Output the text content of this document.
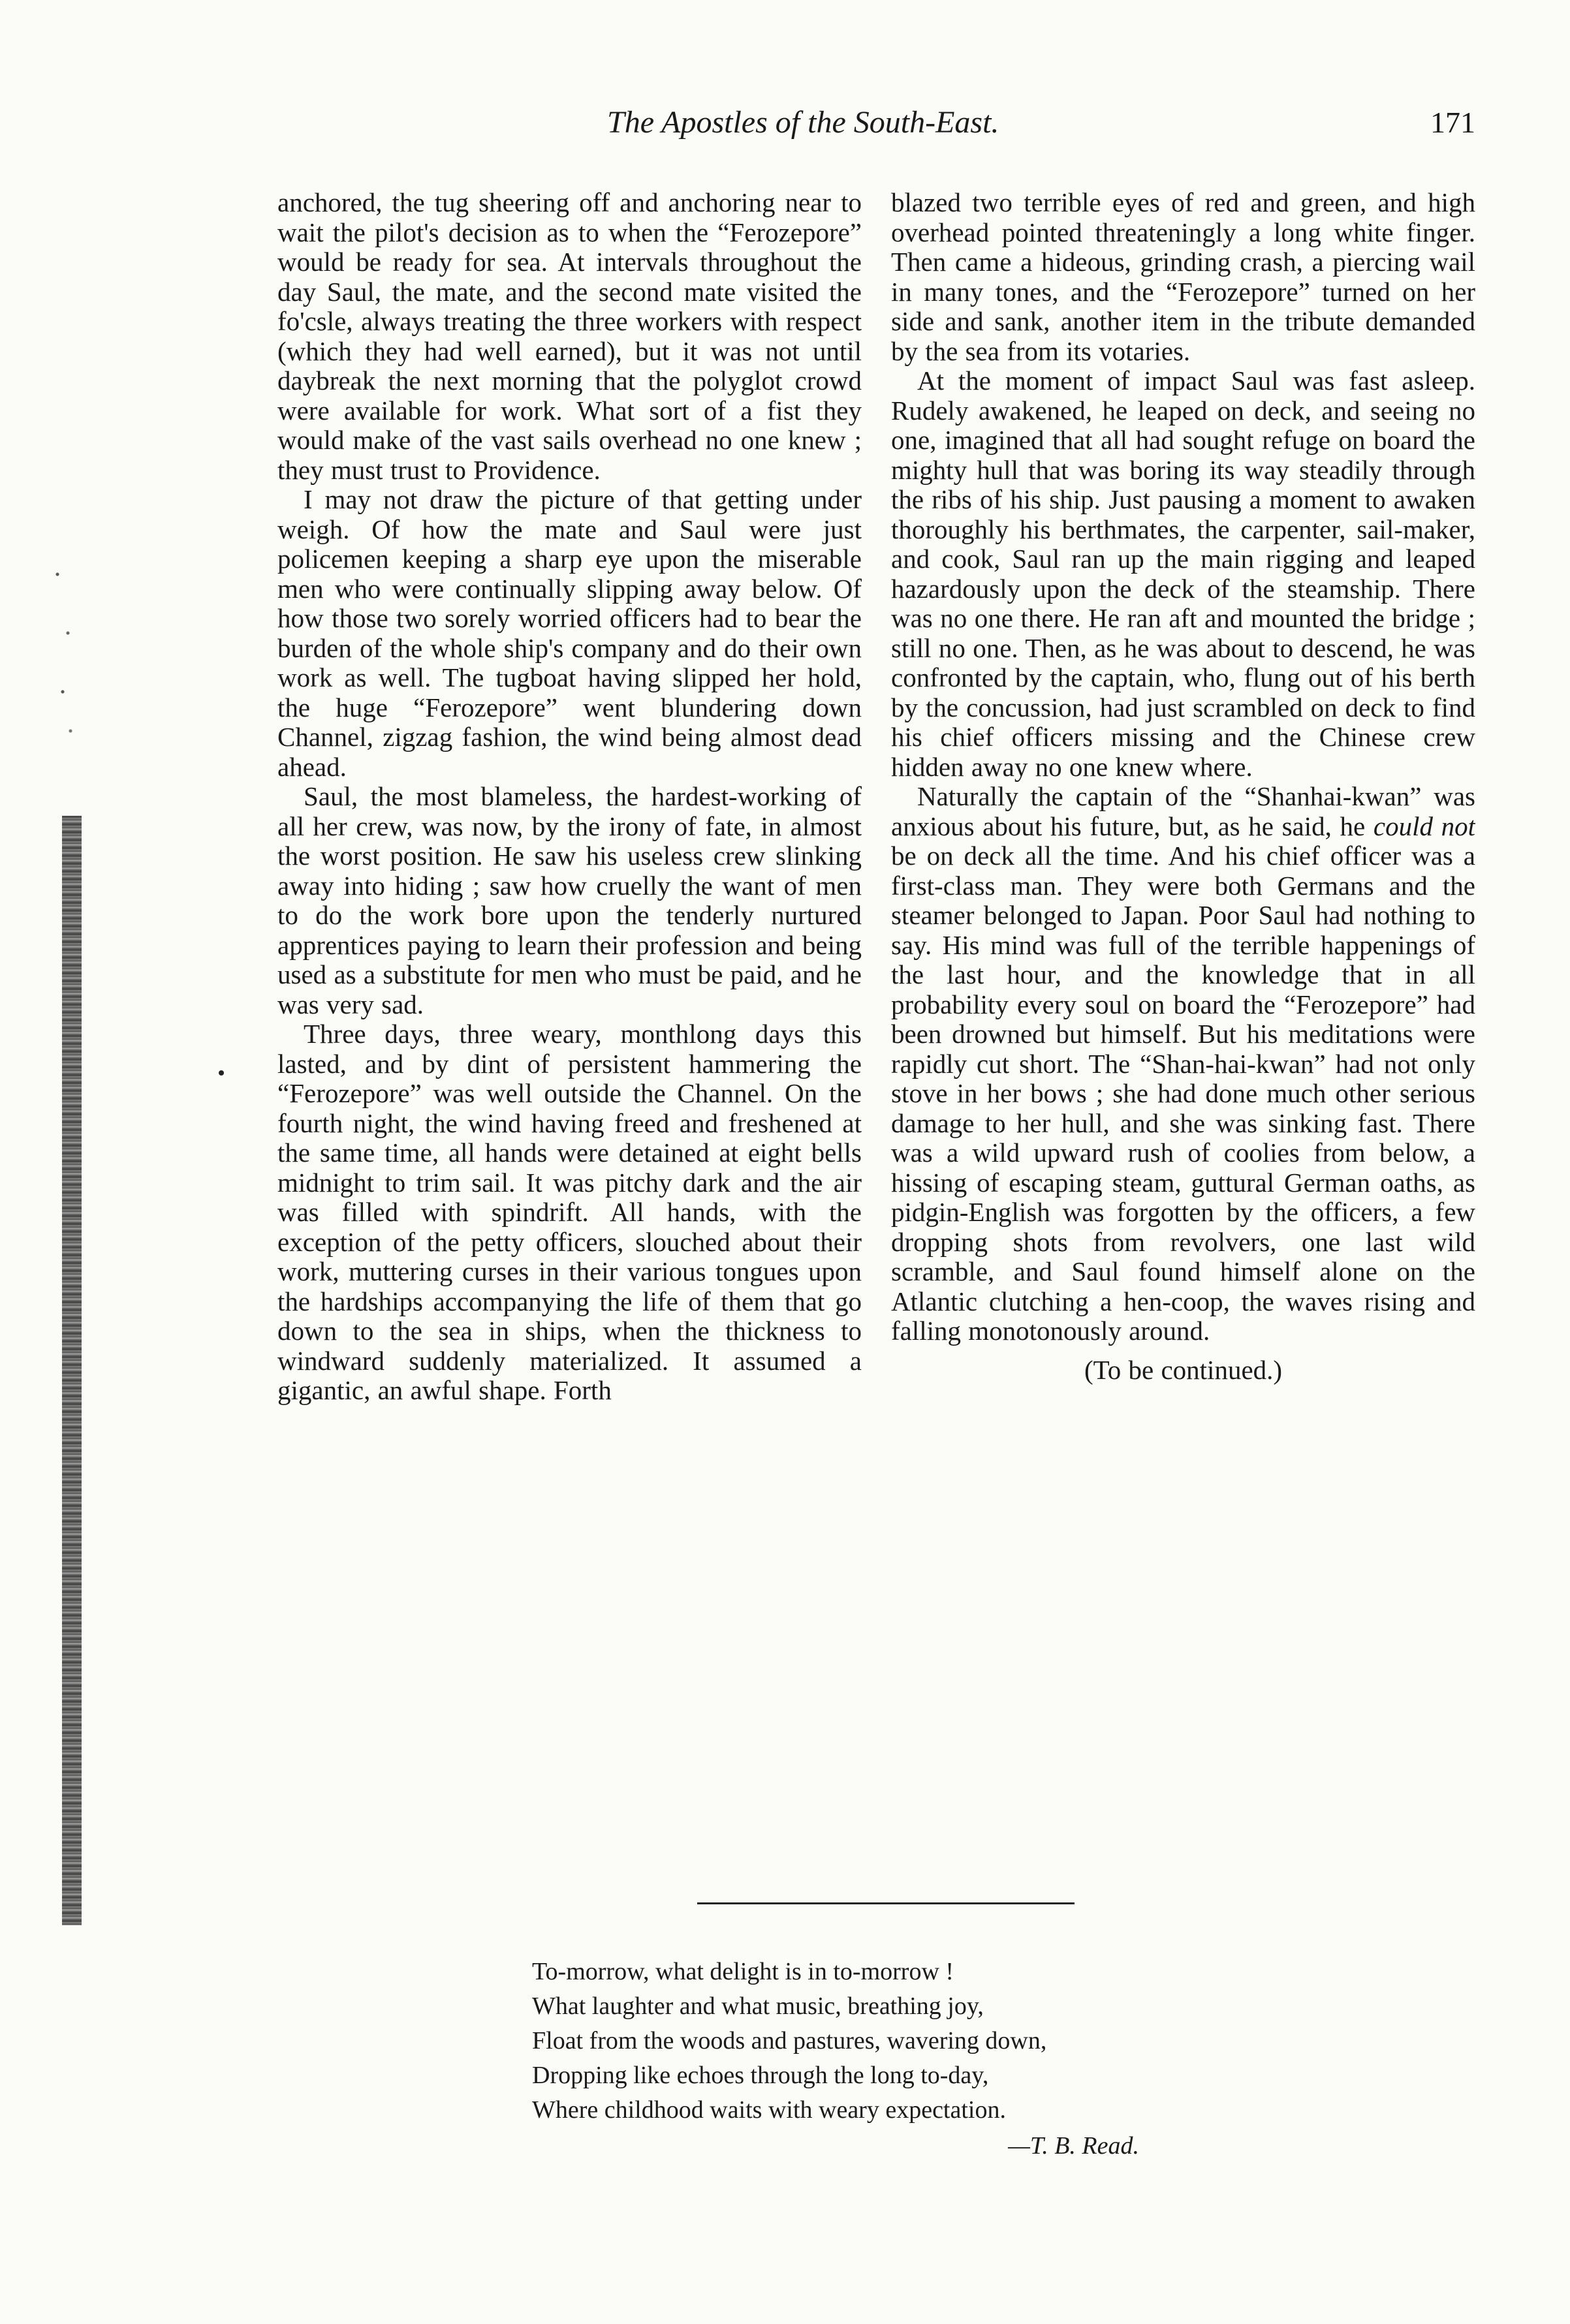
The Apostles of the South-East.	171

anchored, the tug sheering off and anchoring near to wait the pilot's decision as to when the “Ferozepore” would be ready for sea. At intervals throughout the day Saul, the mate, and the second mate visited the fo'csle, always treating the three workers with respect (which they had well earned), but it was not until daybreak the next morning that the polyglot crowd were available for work. What sort of a fist they would make of the vast sails overhead no one knew ; they must trust to Providence.

I may not draw the picture of that getting under weigh. Of how the mate and Saul were just policemen keeping a sharp eye upon the miserable men who were continually slipping away below. Of how those two sorely worried officers had to bear the burden of the whole ship's company and do their own work as well. The tugboat having slipped her hold, the huge “Ferozepore” went blundering down Channel, zigzag fashion, the wind being almost dead ahead.

Saul, the most blameless, the hardest-working of all her crew, was now, by the irony of fate, in almost the worst position. He saw his useless crew slinking away into hiding ; saw how cruelly the want of men to do the work bore upon the tenderly nurtured apprentices paying to learn their profession and being used as a substitute for men who must be paid, and he was very sad.

Three days, three weary, monthlong days this lasted, and by dint of persistent hammering the “Ferozepore” was well outside the Channel. On the fourth night, the wind having freed and freshened at the same time, all hands were detained at eight bells midnight to trim sail. It was pitchy dark and the air was filled with spindrift. All hands, with the exception of the petty officers, slouched about their work, muttering curses in their various tongues upon the hardships accompanying the life of them that go down to the sea in ships, when the thickness to windward suddenly materialized. It assumed a gigantic, an awful shape. Forth

blazed two terrible eyes of red and green, and high overhead pointed threateningly a long white finger. Then came a hideous, grinding crash, a piercing wail in many tones, and the “Ferozepore” turned on her side and sank, another item in the tribute demanded by the sea from its votaries.

At the moment of impact Saul was fast asleep. Rudely awakened, he leaped on deck, and seeing no one, imagined that all had sought refuge on board the mighty hull that was boring its way steadily through the ribs of his ship. Just pausing a moment to awaken thoroughly his berthmates, the carpenter, sail-maker, and cook, Saul ran up the main rigging and leaped hazardously upon the deck of the steamship. There was no one there. He ran aft and mounted the bridge ; still no one. Then, as he was about to descend, he was confronted by the captain, who, flung out of his berth by the concussion, had just scrambled on deck to find his chief officers missing and the Chinese crew hidden away no one knew where.

Naturally the captain of the “Shanhai-kwan” was anxious about his future, but, as he said, he could not be on deck all the time. And his chief officer was a first-class man. They were both Germans and the steamer belonged to Japan. Poor Saul had nothing to say. His mind was full of the terrible happenings of the last hour, and the knowledge that in all probability every soul on board the “Ferozepore” had been drowned but himself. But his meditations were rapidly cut short. The “Shan-hai-kwan” had not only stove in her bows ; she had done much other serious damage to her hull, and she was sinking fast. There was a wild upward rush of coolies from below, a hissing of escaping steam, guttural German oaths, as pidgin-English was forgotten by the officers, a few dropping shots from revolvers, one last wild scramble, and Saul found himself alone on the Atlantic clutching a hen-coop, the waves rising and falling monotonously around.

(To be continued.)

To-morrow, what delight is in to-morrow !
What laughter and what music, breathing joy,
Float from the woods and pastures, wavering down,
Dropping like echoes through the long to-day,
Where childhood waits with weary expectation.
—T. B. Read.
